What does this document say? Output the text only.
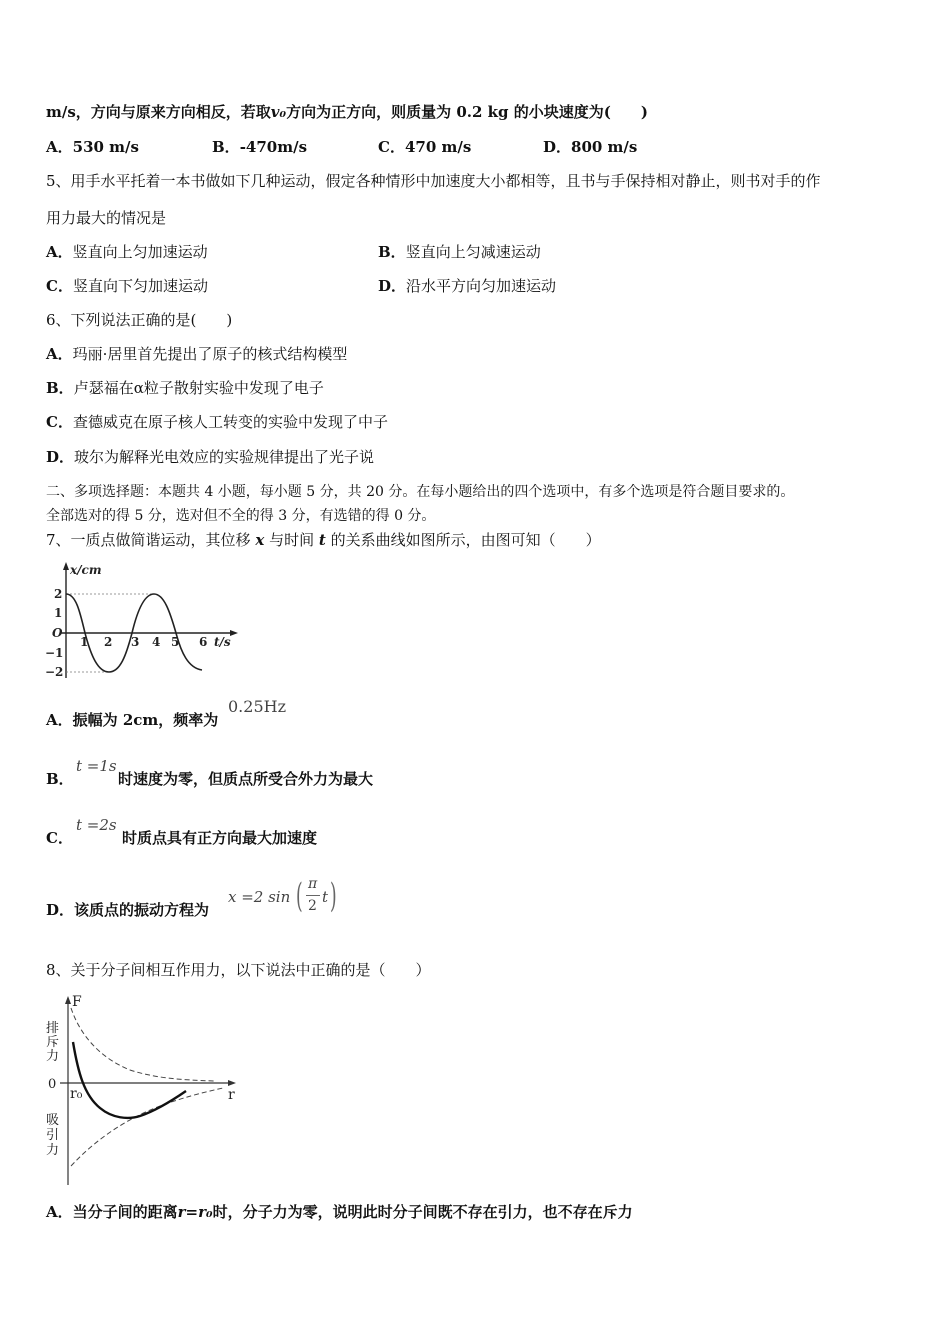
m/s，方向与原来方向相反，若取v₀方向为正方向，则质量为 0.2 kg 的小块速度为(　　)
A．530 m/s	B．-470m/s	C．470 m/s	D．800 m/s
5、用手水平托着一本书做如下几种运动，假定各种情形中加速度大小都相等，且书与手保持相对静止，则书对手的作
用力最大的情况是
A．竖直向上匀加速运动	B．竖直向上匀减速运动
C．竖直向下匀加速运动	D．沿水平方向匀加速运动
6、下列说法正确的是(　　)
A．玛丽·居里首先提出了原子的核式结构模型
B．卢瑟福在α粒子散射实验中发现了电子
C．查德威克在原子核人工转变的实验中发现了中子
D．玻尔为解释光电效应的实验规律提出了光子说
二、多项选择题：本题共 4 小题，每小题 5 分，共 20 分。在每小题给出的四个选项中，有多个选项是符合题目要求的。
全部选对的得 5 分，选对但不全的得 3 分，有选错的得 0 分。
7、一质点做简谐运动，其位移 x 与时间 t 的关系曲线如图所示，由图可知（　　）
x/cm
t/s
O
2
1
−1
−2
1 2 3 4 5 6
A．振幅为 2cm，频率为
0.25Hz
B．
t =1s
时速度为零，但质点所受合外力为最大
C．
t =2s
时质点具有正方向最大加速度
D．该质点的振动方程为
x =2 sin ( π
2 t )
8、关于分子间相互作用力，以下说法中正确的是（　　）
F
r
0
r₀
排
斥
力
吸
引
力
A．当分子间的距离r=r₀时，分子力为零，说明此时分子间既不存在引力，也不存在斥力
